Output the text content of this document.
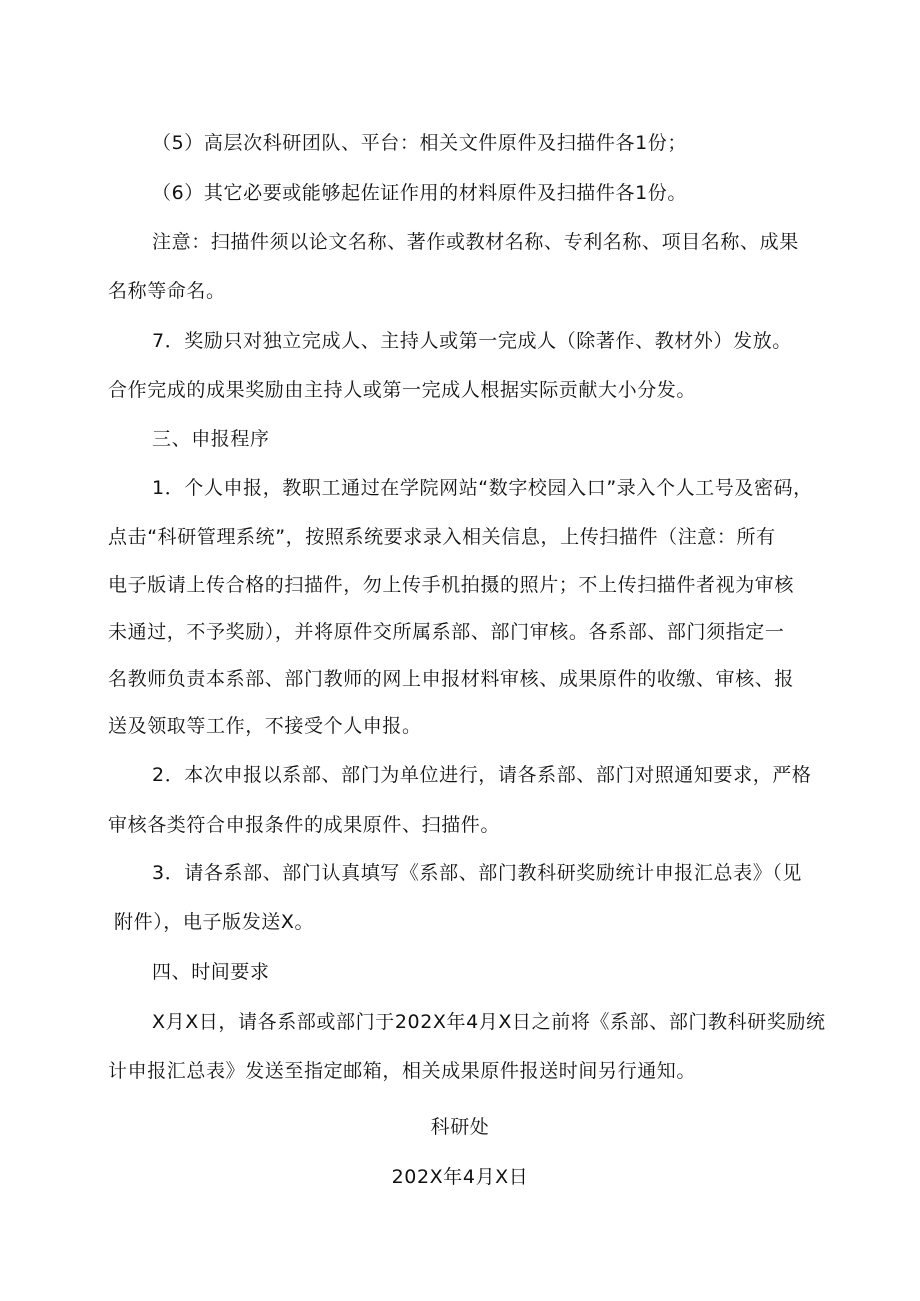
（5）高层次科研团队、平台：相关文件原件及扫描件各1份；
（6）其它必要或能够起佐证作用的材料原件及扫描件各1份。
注意：扫描件须以论文名称、著作或教材名称、专利名称、项目名称、成果
名称等命名。
7．奖励只对独立完成人、主持人或第一完成人（除著作、教材外）发放。
合作完成的成果奖励由主持人或第一完成人根据实际贡献大小分发。
三、申报程序
1．个人申报，教职工通过在学院网站“数字校园入口”录入个人工号及密码，
点击“科研管理系统”，按照系统要求录入相关信息，上传扫描件（注意：所有
电子版请上传合格的扫描件，勿上传手机拍摄的照片；不上传扫描件者视为审核
未通过，不予奖励），并将原件交所属系部、部门审核。各系部、部门须指定一
名教师负责本系部、部门教师的网上申报材料审核、成果原件的收缴、审核、报
送及领取等工作，不接受个人申报。
2．本次申报以系部、部门为单位进行，请各系部、部门对照通知要求，严格
审核各类符合申报条件的成果原件、扫描件。
3．请各系部、部门认真填写《系部、部门教科研奖励统计申报汇总表》（见
附件），电子版发送X。
四、时间要求
X月X日，请各系部或部门于202X年4月X日之前将《系部、部门教科研奖励统
计申报汇总表》发送至指定邮箱，相关成果原件报送时间另行通知。
科研处
202X年4月X日
